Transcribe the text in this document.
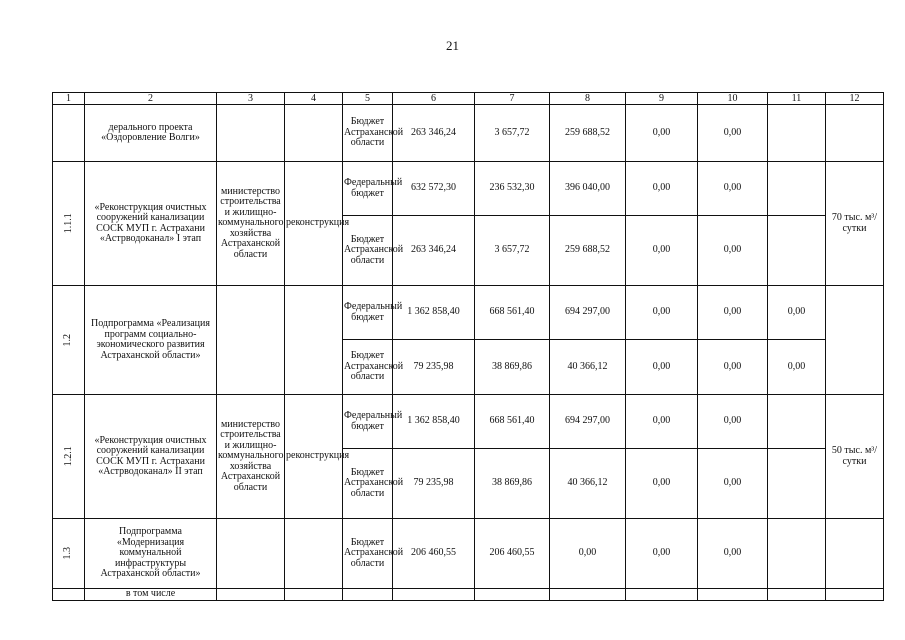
21
1	2	3	4	5	6	7	8	9	10	11	12
	дерального проекта «Оздоровление Волги»			Бюджет Астраханской области	263 346,24	3 657,72	259 688,52	0,00	0,00		
1.1.1	«Реконструкция очистных сооружений канализации СОСК МУП г. Астрахани «Астрводоканал» I этап	министерство строительства и жилищно-коммунального хозяйства Астраханской области	реконструкция	Федеральный бюджет	632 572,30	236 532,30	396 040,00	0,00	0,00		70 тыс. м³/сутки
				Бюджет Астраханской области	263 346,24	3 657,72	259 688,52	0,00	0,00		
1.2	Подпрограмма «Реализация программ социально-экономического развития Астраханской области»			Федеральный бюджет	1 362 858,40	668 561,40	694 297,00	0,00	0,00	0,00	
				Бюджет Астраханской области	79 235,98	38 869,86	40 366,12	0,00	0,00	0,00	
1.2.1	«Реконструкция очистных сооружений канализации СОСК МУП г. Астрахани «Астрводоканал» II этап	министерство строительства и жилищно-коммунального хозяйства Астраханской области	реконструкция	Федеральный бюджет	1 362 858,40	668 561,40	694 297,00	0,00	0,00		50 тыс. м³/сутки
				Бюджет Астраханской области	79 235,98	38 869,86	40 366,12	0,00	0,00		
1.3	Подпрограмма «Модернизация коммунальной инфраструктуры Астраханской области»			Бюджет Астраханской области	206 460,55	206 460,55	0,00	0,00	0,00		
	в том числе										
